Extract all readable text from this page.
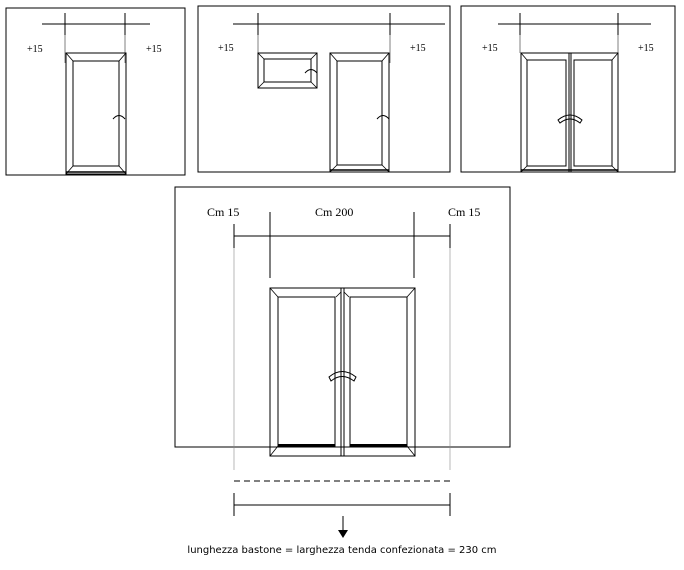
+15	+15	+15	+15	+15	+15
Cm 15	Cm 200	Cm 15
lunghezza bastone = larghezza tenda confezionata = 230 cm
